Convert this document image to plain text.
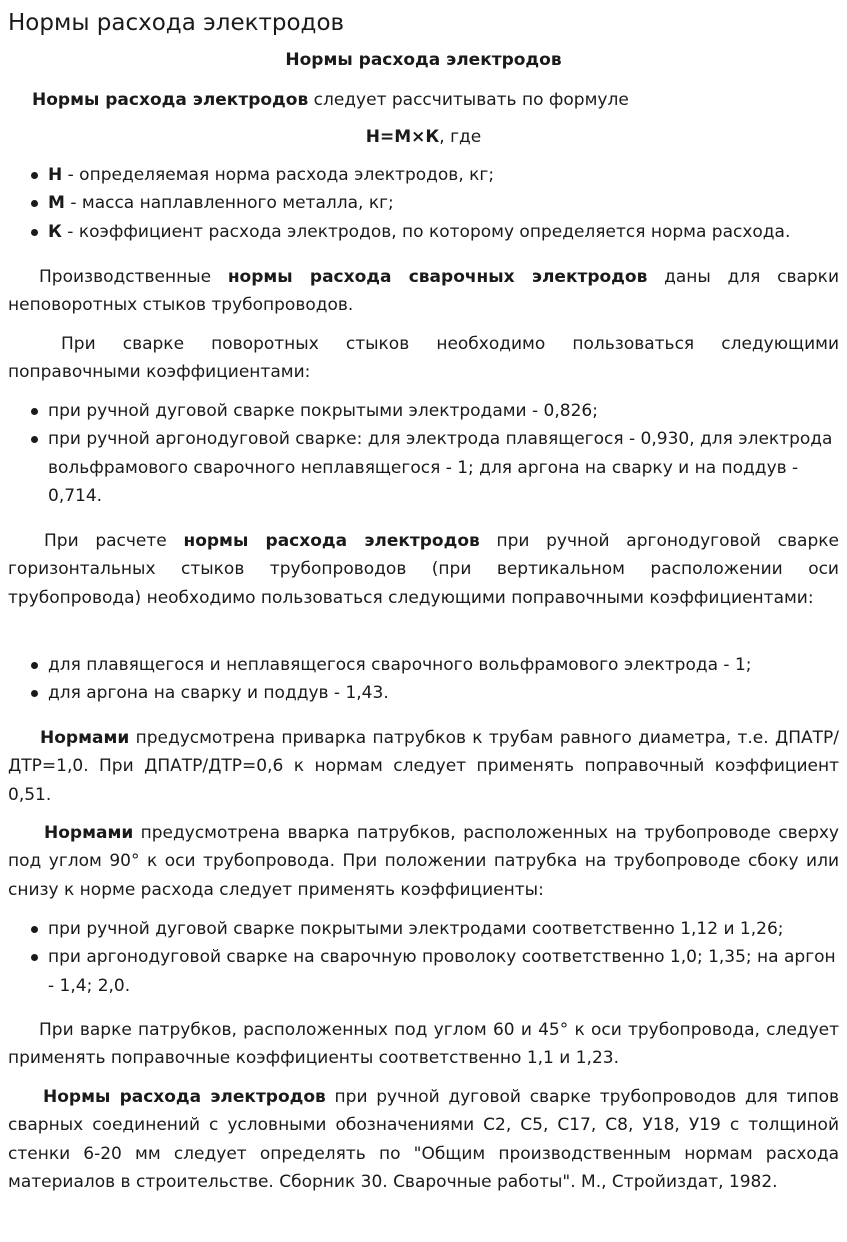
Нормы расхода электродов

Нормы расхода электродов

Нормы расхода электродов следует рассчитывать по формуле

Н=М×К, где

Н - определяемая норма расхода электродов, кг;
М - масса наплавленного металла, кг;
К - коэффициент расхода электродов, по которому определяется норма расхода.

Производственные нормы расхода сварочных электродов даны для сварки неповоротных стыков трубопроводов.

При сварке поворотных стыков необходимо пользоваться следующими поправочными коэффициентами:

при ручной дуговой сварке покрытыми электродами - 0,826;
при ручной аргонодуговой сварке: для электрода плавящегося - 0,930, для электрода вольфрамового сварочного неплавящегося - 1; для аргона на сварку и на поддув - 0,714.

При расчете нормы расхода электродов при ручной аргонодуговой сварке горизонтальных стыков трубопроводов (при вертикальном расположении оси трубопровода) необходимо пользоваться следующими поправочными коэффициентами:

для плавящегося и неплавящегося сварочного вольфрамового электрода - 1;
для аргона на сварку и поддув - 1,43.

Нормами предусмотрена приварка патрубков к трубам равного диаметра, т.е. ДПАТР/ДТР=1,0. При ДПАТР/ДТР=0,6 к нормам следует применять поправочный коэффициент 0,51.

Нормами предусмотрена вварка патрубков, расположенных на трубопроводе сверху под углом 90° к оси трубопровода. При положении патрубка на трубопроводе сбоку или снизу к норме расхода следует применять коэффициенты:

при ручной дуговой сварке покрытыми электродами соответственно 1,12 и 1,26;
при аргонодуговой сварке на сварочную проволоку соответственно 1,0; 1,35; на аргон - 1,4; 2,0.

При варке патрубков, расположенных под углом 60 и 45° к оси трубопровода, следует применять поправочные коэффициенты соответственно 1,1 и 1,23.

Нормы расхода электродов при ручной дуговой сварке трубопроводов для типов сварных соединений с условными обозначениями С2, С5, С17, С8, У18, У19 с толщиной стенки 6-20 мм следует определять по "Общим производственным нормам расхода материалов в строительстве. Сборник 30. Сварочные работы". М., Стройиздат, 1982.
